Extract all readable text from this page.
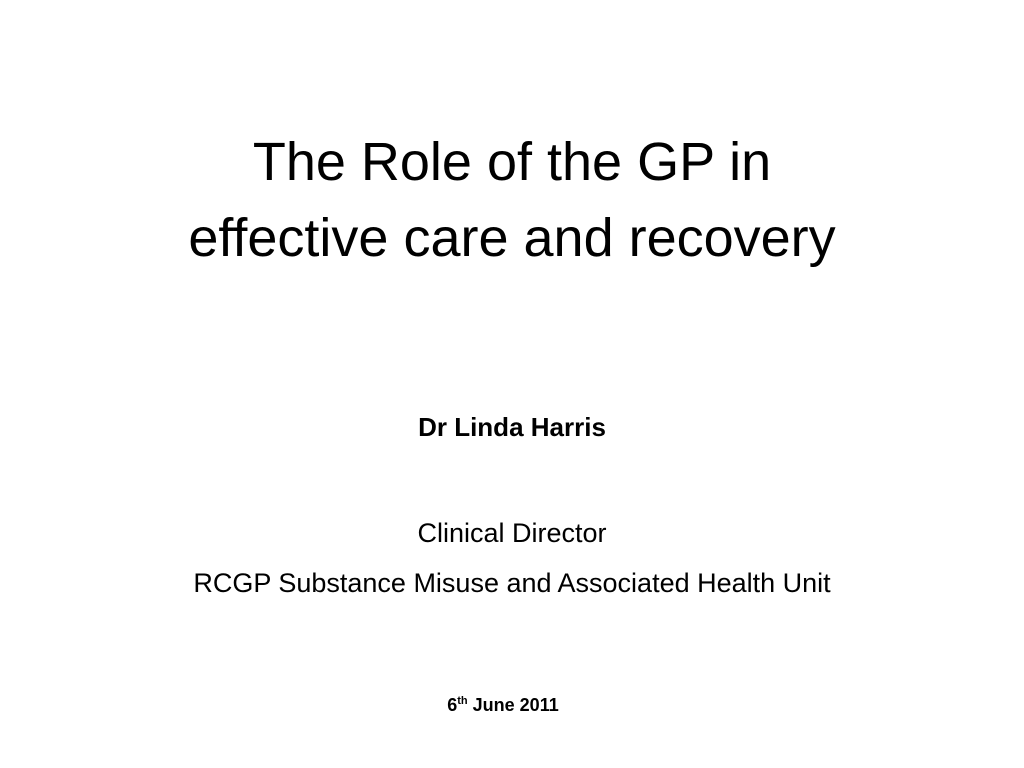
The Role of the GP in
effective care and recovery
Dr Linda Harris
Clinical Director
RCGP Substance Misuse and Associated Health Unit
6th June 2011
